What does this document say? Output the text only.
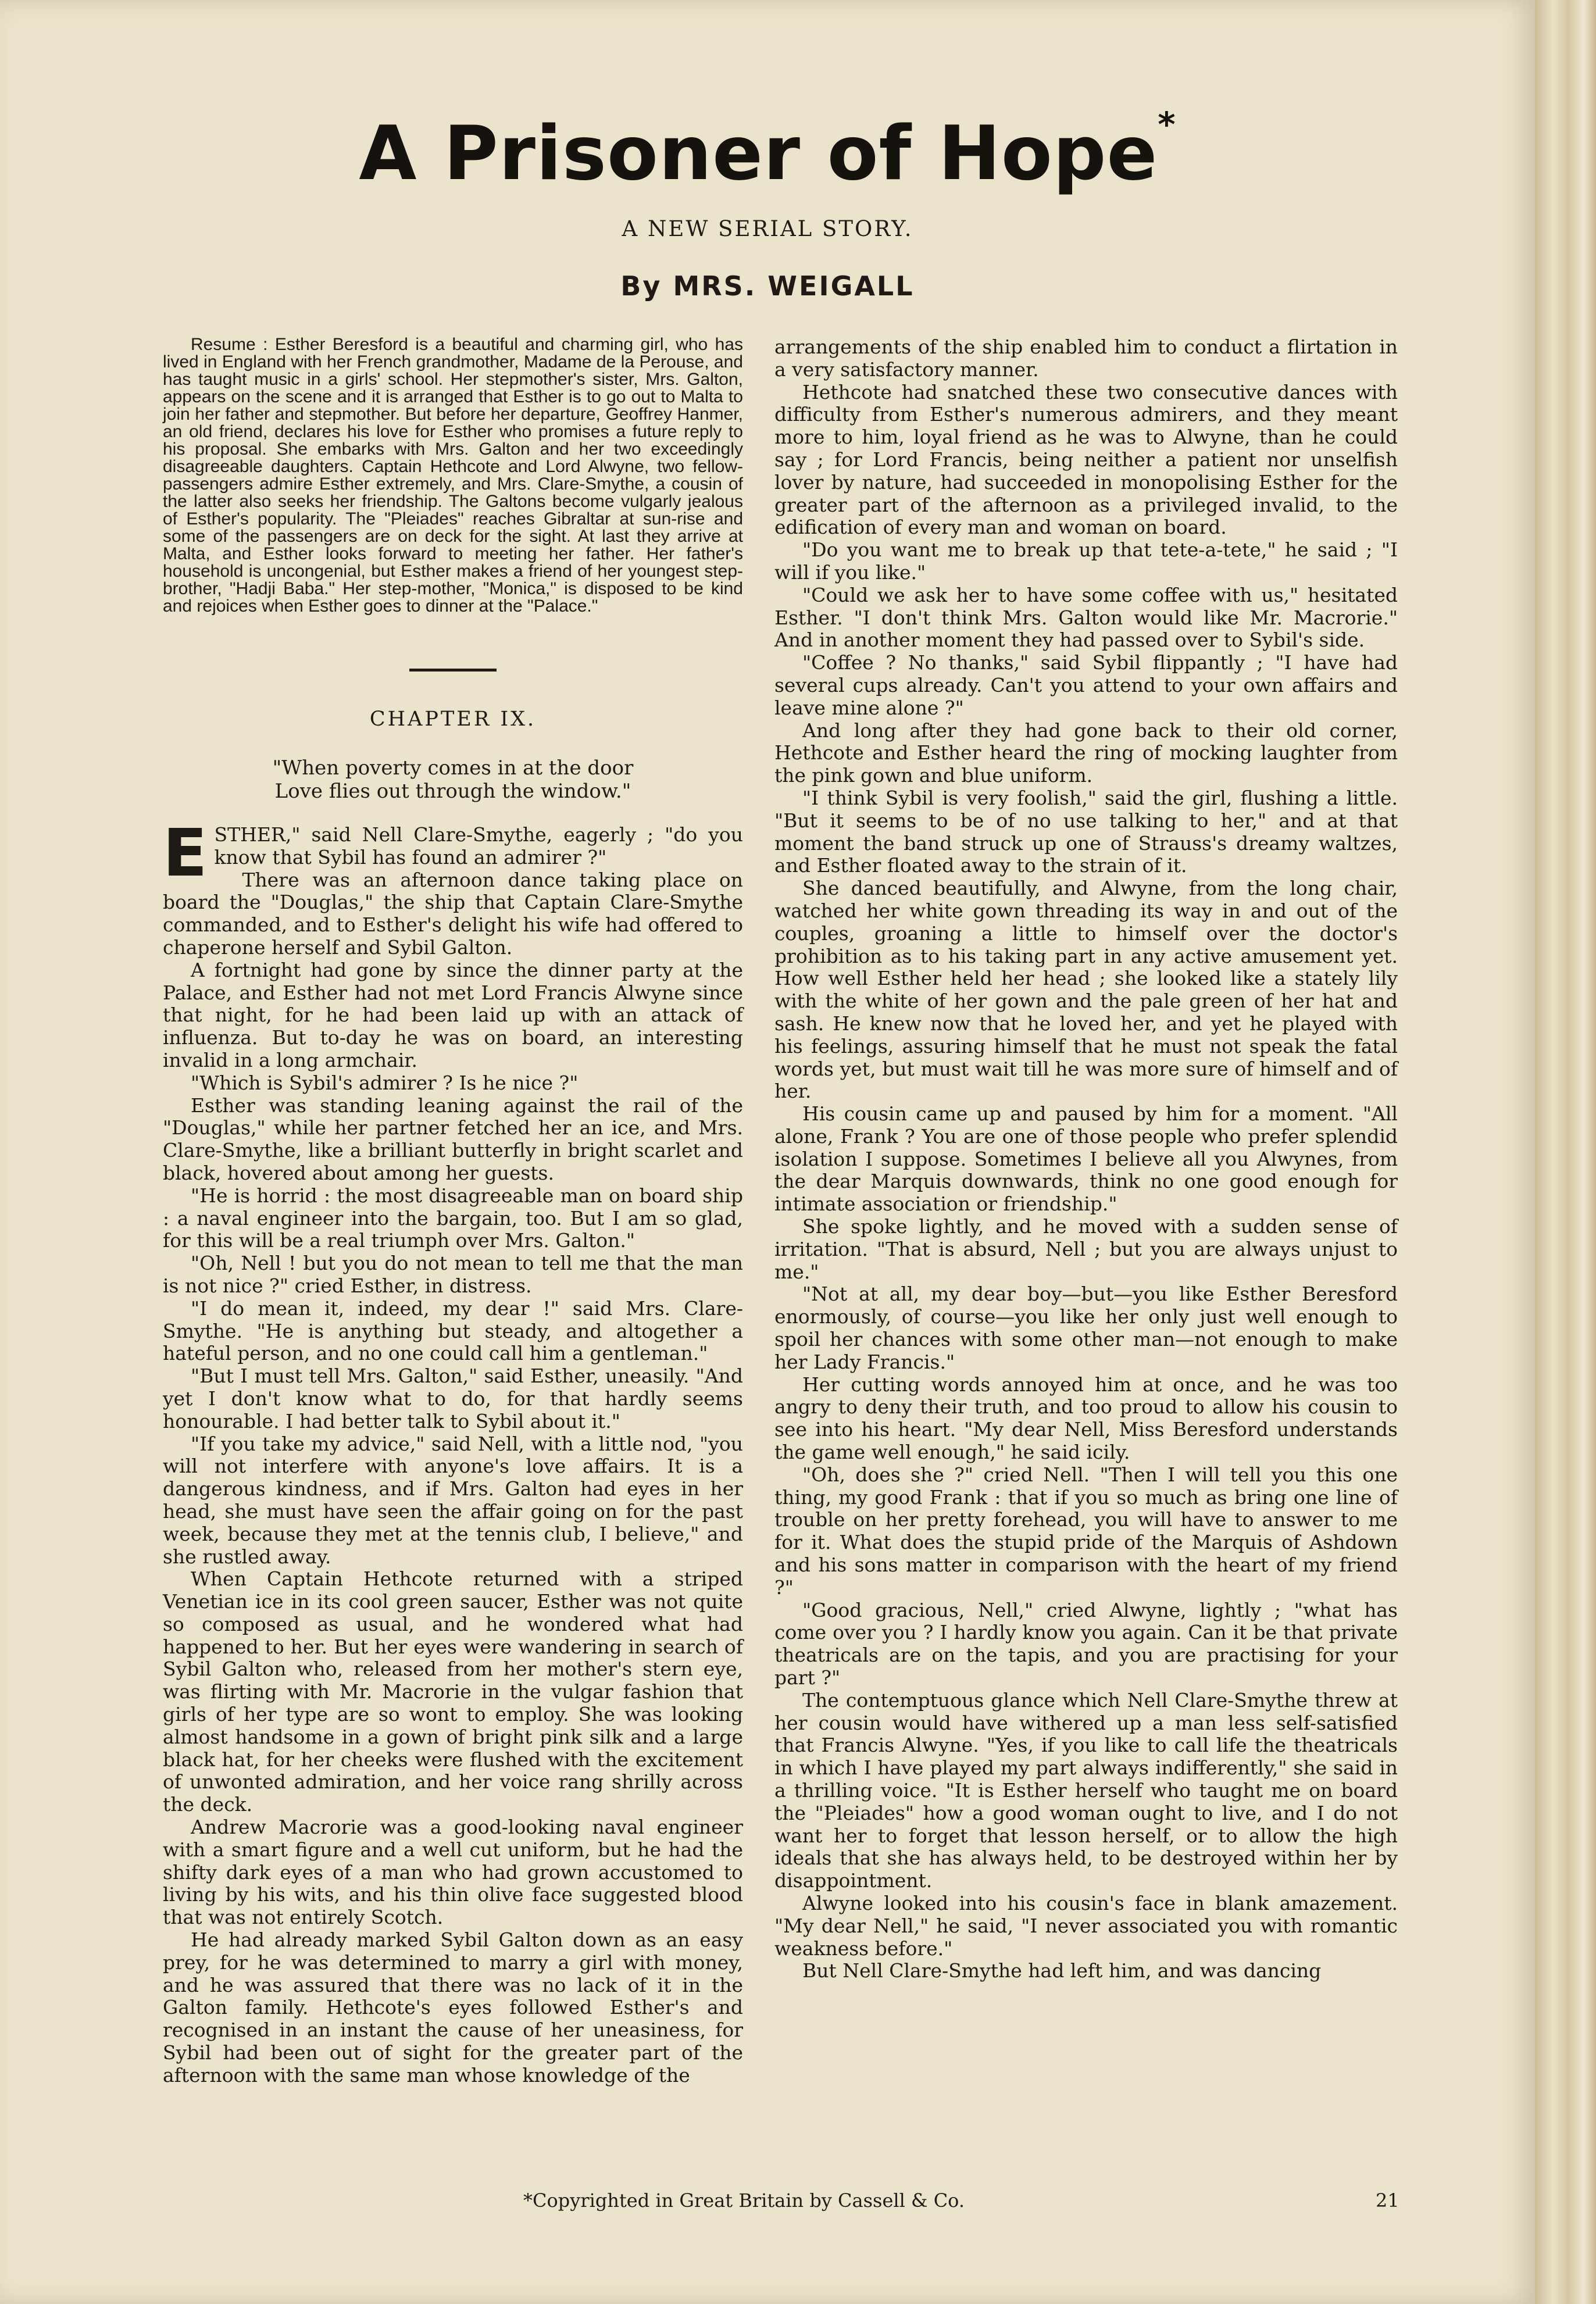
A Prisoner of Hope*
A NEW SERIAL STORY.
By MRS. WEIGALL

Resume : Esther Beresford is a beautiful and charming girl, who has lived in England with her French grandmother, Madame de la Perouse, and has taught music in a girls' school. Her stepmother's sister, Mrs. Galton, appears on the scene and it is arranged that Esther is to go out to Malta to join her father and stepmother. But before her departure, Geoffrey Hanmer, an old friend, declares his love for Esther who promises a future reply to his proposal. She embarks with Mrs. Galton and her two exceedingly disagreeable daughters. Captain Hethcote and Lord Alwyne, two fellow-passengers admire Esther extremely, and Mrs. Clare-Smythe, a cousin of the latter also seeks her friendship. The Galtons become vulgarly jealous of Esther's popularity. The "Pleiades" reaches Gibraltar at sun-rise and some of the passengers are on deck for the sight. At last they arrive at Malta, and Esther looks forward to meeting her father. Her father's household is uncongenial, but Esther makes a friend of her youngest step-brother, "Hadji Baba." Her step-mother, "Monica," is disposed to be kind and rejoices when Esther goes to dinner at the "Palace."

CHAPTER IX.
"When poverty comes in at the door
Love flies out through the window."

ESTHER," said Nell Clare-Smythe, eagerly ; "do you know that Sybil has found an admirer ?"

There was an afternoon dance taking place on board the "Douglas," the ship that Captain Clare-Smythe commanded, and to Esther's delight his wife had offered to chaperone herself and Sybil Galton.

A fortnight had gone by since the dinner party at the Palace, and Esther had not met Lord Francis Alwyne since that night, for he had been laid up with an attack of influenza. But to-day he was on board, an interesting invalid in a long armchair.

"Which is Sybil's admirer ? Is he nice ?"

Esther was standing leaning against the rail of the "Douglas," while her partner fetched her an ice, and Mrs. Clare-Smythe, like a brilliant butterfly in bright scarlet and black, hovered about among her guests.

"He is horrid : the most disagreeable man on board ship : a naval engineer into the bargain, too. But I am so glad, for this will be a real triumph over Mrs. Galton."

"Oh, Nell ! but you do not mean to tell me that the man is not nice ?" cried Esther, in distress.

"I do mean it, indeed, my dear !" said Mrs. Clare-Smythe. "He is anything but steady, and altogether a hateful person, and no one could call him a gentleman."

"But I must tell Mrs. Galton," said Esther, uneasily. "And yet I don't know what to do, for that hardly seems honourable. I had better talk to Sybil about it."

"If you take my advice," said Nell, with a little nod, "you will not interfere with anyone's love affairs. It is a dangerous kindness, and if Mrs. Galton had eyes in her head, she must have seen the affair going on for the past week, because they met at the tennis club, I believe," and she rustled away.

When Captain Hethcote returned with a striped Venetian ice in its cool green saucer, Esther was not quite so composed as usual, and he wondered what had happened to her. But her eyes were wandering in search of Sybil Galton who, released from her mother's stern eye, was flirting with Mr. Macrorie in the vulgar fashion that girls of her type are so wont to employ. She was looking almost handsome in a gown of bright pink silk and a large black hat, for her cheeks were flushed with the excitement of unwonted admiration, and her voice rang shrilly across the deck.

Andrew Macrorie was a good-looking naval engineer with a smart figure and a well cut uniform, but he had the shifty dark eyes of a man who had grown accustomed to living by his wits, and his thin olive face suggested blood that was not entirely Scotch.

He had already marked Sybil Galton down as an easy prey, for he was determined to marry a girl with money, and he was assured that there was no lack of it in the Galton family. Hethcote's eyes followed Esther's and recognised in an instant the cause of her uneasiness, for Sybil had been out of sight for the greater part of the afternoon with the same man whose knowledge of the

arrangements of the ship enabled him to conduct a flirtation in a very satisfactory manner.

Hethcote had snatched these two consecutive dances with difficulty from Esther's numerous admirers, and they meant more to him, loyal friend as he was to Alwyne, than he could say ; for Lord Francis, being neither a patient nor unselfish lover by nature, had succeeded in monopolising Esther for the greater part of the afternoon as a privileged invalid, to the edification of every man and woman on board.

"Do you want me to break up that tete-a-tete," he said ; "I will if you like."

"Could we ask her to have some coffee with us," hesitated Esther. "I don't think Mrs. Galton would like Mr. Macrorie." And in another moment they had passed over to Sybil's side.

"Coffee ? No thanks," said Sybil flippantly ; "I have had several cups already. Can't you attend to your own affairs and leave mine alone ?"

And long after they had gone back to their old corner, Hethcote and Esther heard the ring of mocking laughter from the pink gown and blue uniform.

"I think Sybil is very foolish," said the girl, flushing a little. "But it seems to be of no use talking to her," and at that moment the band struck up one of Strauss's dreamy waltzes, and Esther floated away to the strain of it.

She danced beautifully, and Alwyne, from the long chair, watched her white gown threading its way in and out of the couples, groaning a little to himself over the doctor's prohibition as to his taking part in any active amusement yet. How well Esther held her head ; she looked like a stately lily with the white of her gown and the pale green of her hat and sash. He knew now that he loved her, and yet he played with his feelings, assuring himself that he must not speak the fatal words yet, but must wait till he was more sure of himself and of her.

His cousin came up and paused by him for a moment. "All alone, Frank ? You are one of those people who prefer splendid isolation I suppose. Sometimes I believe all you Alwynes, from the dear Marquis downwards, think no one good enough for intimate association or friendship."

She spoke lightly, and he moved with a sudden sense of irritation. "That is absurd, Nell ; but you are always unjust to me."

"Not at all, my dear boy—but—you like Esther Beresford enormously, of course—you like her only just well enough to spoil her chances with some other man—not enough to make her Lady Francis."

Her cutting words annoyed him at once, and he was too angry to deny their truth, and too proud to allow his cousin to see into his heart. "My dear Nell, Miss Beresford understands the game well enough," he said icily.

"Oh, does she ?" cried Nell. "Then I will tell you this one thing, my good Frank : that if you so much as bring one line of trouble on her pretty forehead, you will have to answer to me for it. What does the stupid pride of the Marquis of Ashdown and his sons matter in comparison with the heart of my friend ?"

"Good gracious, Nell," cried Alwyne, lightly ; "what has come over you ? I hardly know you again. Can it be that private theatricals are on the tapis, and you are practising for your part ?"

The contemptuous glance which Nell Clare-Smythe threw at her cousin would have withered up a man less self-satisfied that Francis Alwyne. "Yes, if you like to call life the theatricals in which I have played my part always indifferently," she said in a thrilling voice. "It is Esther herself who taught me on board the "Pleiades" how a good woman ought to live, and I do not want her to forget that lesson herself, or to allow the high ideals that she has always held, to be destroyed within her by disappointment.

Alwyne looked into his cousin's face in blank amazement. "My dear Nell," he said, "I never associated you with romantic weakness before."

But Nell Clare-Smythe had left him, and was dancing

*Copyrighted in Great Britain by Cassell & Co.	21
